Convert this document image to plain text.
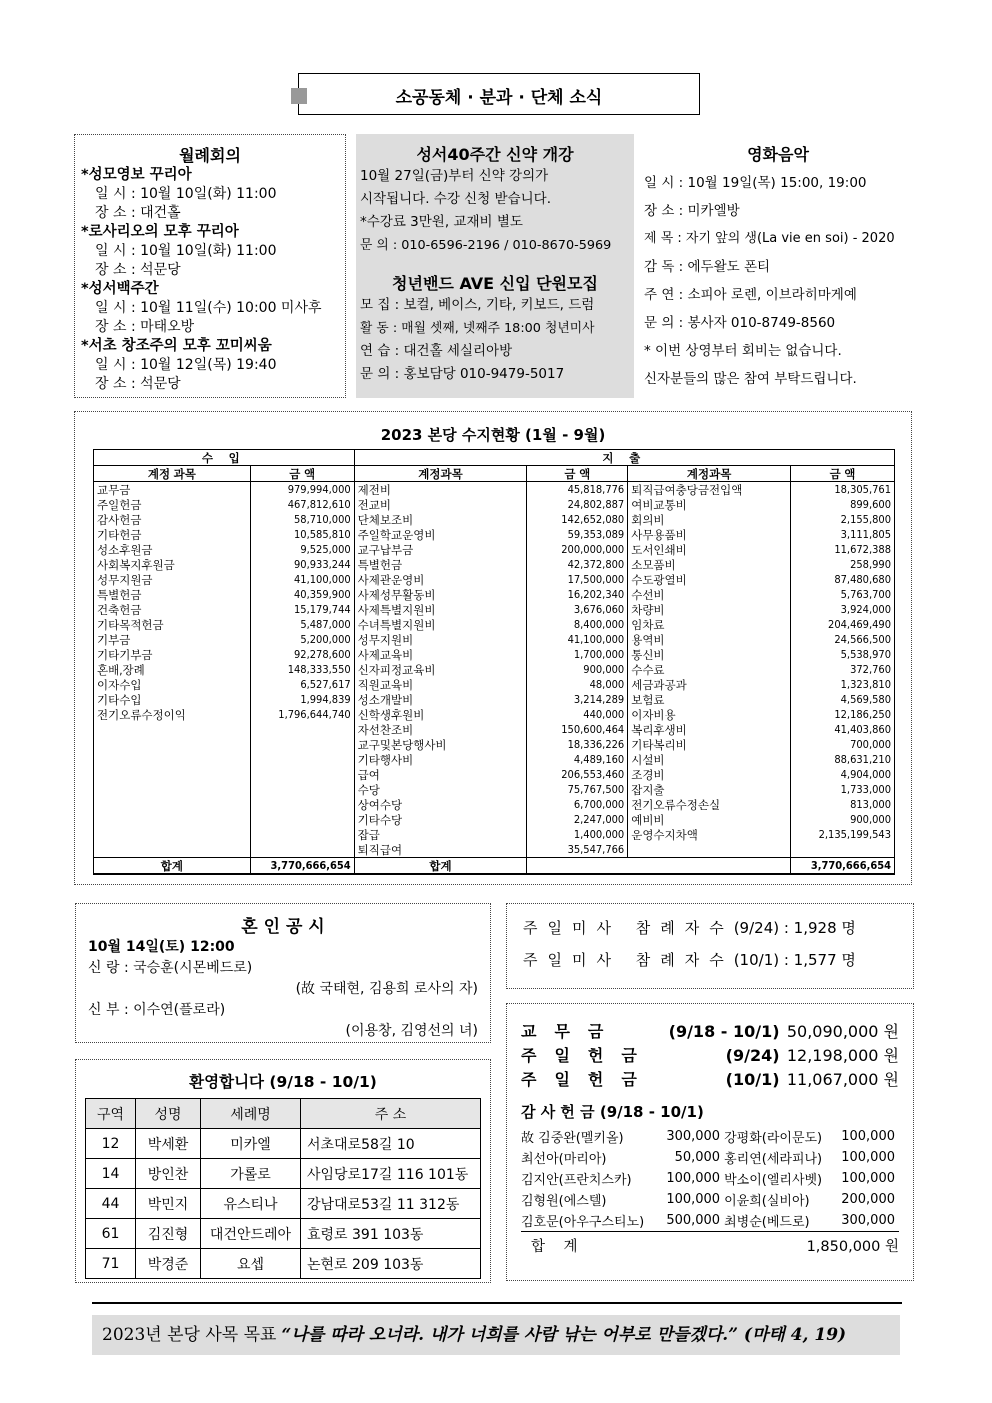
소공동체 · 분과 · 단체 소식
월례회의
*성모영보 꾸리아
일 시 : 10월 10일(화) 11:00
장 소 : 대건홀
*로사리오의 모후 꾸리아
일 시 : 10월 10일(화) 11:00
장 소 : 석문당
*성서백주간
일 시 : 10월 11일(수) 10:00 미사후
장 소 : 마태오방
*서초 창조주의 모후 꼬미씨움
일 시 : 10월 12일(목) 19:40
장 소 : 석문당
성서40주간 신약 개강
10월 27일(금)부터 신약 강의가
시작됩니다. 수강 신청 받습니다.
*수강료 3만원, 교재비 별도
문 의 : 010-6596-2196 / 010-8670-5969
청년밴드 AVE 신입 단원모집
모 집 : 보컬, 베이스, 기타, 키보드, 드럼
활 동 : 매월 셋째, 넷째주 18:00 청년미사
연 습 : 대건홀 세실리아방
문 의 : 홍보담당 010-9479-5017
영화음악
일 시 : 10월 19일(목) 15:00, 19:00
장 소 : 미카엘방
제 목 : 자기 앞의 생(La vie en soi) - 2020
감 독 : 에두왈도 폰티
주 연 : 소피아 로렌, 이브라히마게예
문 의 : 봉사자 010-8749-8560
* 이번 상영부터 회비는 없습니다.
신자분들의 많은 참여 부탁드립니다.
2023 본당 수지현황 (1월 - 9월)
수 입		지 출			
계정 과목	금 액	계정과목	금 액	계정과목	금 액
교무금	979,994,000	제전비	45,818,776	퇴직급여충당금전입액	18,305,761
주일헌금	467,812,610	전교비	24,802,887	여비교통비	899,600
감사헌금	58,710,000	단체보조비	142,652,080	회의비	2,155,800
기타헌금	10,585,810	주일학교운영비	59,353,089	사무용품비	3,111,805
성소후원금	9,525,000	교구납부금	200,000,000	도서인쇄비	11,672,388
사회복지후원금	90,933,244	특별헌금	42,372,800	소모품비	258,990
성무지원금	41,100,000	사제관운영비	17,500,000	수도광열비	87,480,680
특별헌금	40,359,900	사제성무활동비	16,202,340	수선비	5,763,700
건축헌금	15,179,744	사제특별지원비	3,676,060	차량비	3,924,000
기타목적헌금	5,487,000	수녀특별지원비	8,400,000	임차료	204,469,490
기부금	5,200,000	성무지원비	41,100,000	용역비	24,566,500
기타기부금	92,278,600	사제교육비	1,700,000	통신비	5,538,970
혼배,장례	148,333,550	신자피정교육비	900,000	수수료	372,760
이자수입	6,527,617	직원교육비	48,000	세금과공과	1,323,810
기타수입	1,994,839	성소개발비	3,214,289	보험료	4,569,580
전기오류수정이익	1,796,644,740	신학생후원비	440,000	이자비용	12,186,250
		자선찬조비	150,600,464	복리후생비	41,403,860
		교구및본당행사비	18,336,226	기타복리비	700,000
		기타행사비	4,489,160	시설비	88,631,210
		급여	206,553,460	조경비	4,904,000
		수당	75,767,500	잡지출	1,733,000
		상여수당	6,700,000	전기오류수정손실	813,000
		기타수당	2,247,000	예비비	900,000
		잡급	1,400,000	운영수지차액	2,135,199,543
		퇴직급여	35,547,766		
합계	3,770,666,654	합계			3,770,666,654
혼 인 공 시
10월 14일(토) 12:00
신 랑 : 국승훈(시몬베드로)
(故 국태현, 김용희 로사의 자)
신 부 : 이수연(플로라)
(이용창, 김영선의 녀)
환영합니다 (9/18 - 10/1)
구역	성명	세례명	주 소
12	박세환	미카엘	서초대로58길 10
14	방인찬	가롤로	사임당로17길 116 101동
44	박민지	유스티나	강남대로53길 11 312동
61	김진형	대건안드레아	효령로 391 103동
71	박경준	요셉	논현로 209 103동
주일미사 참례자수(9/24) : 1,928 명
주일미사 참례자수(10/1) : 1,577 명
교무금	(9/18 - 10/1) 50,090,000 원
주일헌금	(9/24) 12,198,000 원
주일헌금	(10/1) 11,067,000 원
감 사 헌 금 (9/18 - 10/1)
故 김중완(멜키올)	300,000	강평화(라이문도)	100,000
최선아(마리아)	50,000	홍리연(세라피나)	100,000
김지안(프란치스카)	100,000	박소이(엘리사벳)	100,000
김형원(에스텔)	100,000	이윤희(실비아)	200,000
김호문(아우구스티노)	500,000	최병순(베드로)	300,000
합    계	1,850,000 원
2023년 본당 사목 목표 “나를 따라 오너라. 내가 너희를 사람 낚는 어부로 만들겠다.” (마태 4, 19)
